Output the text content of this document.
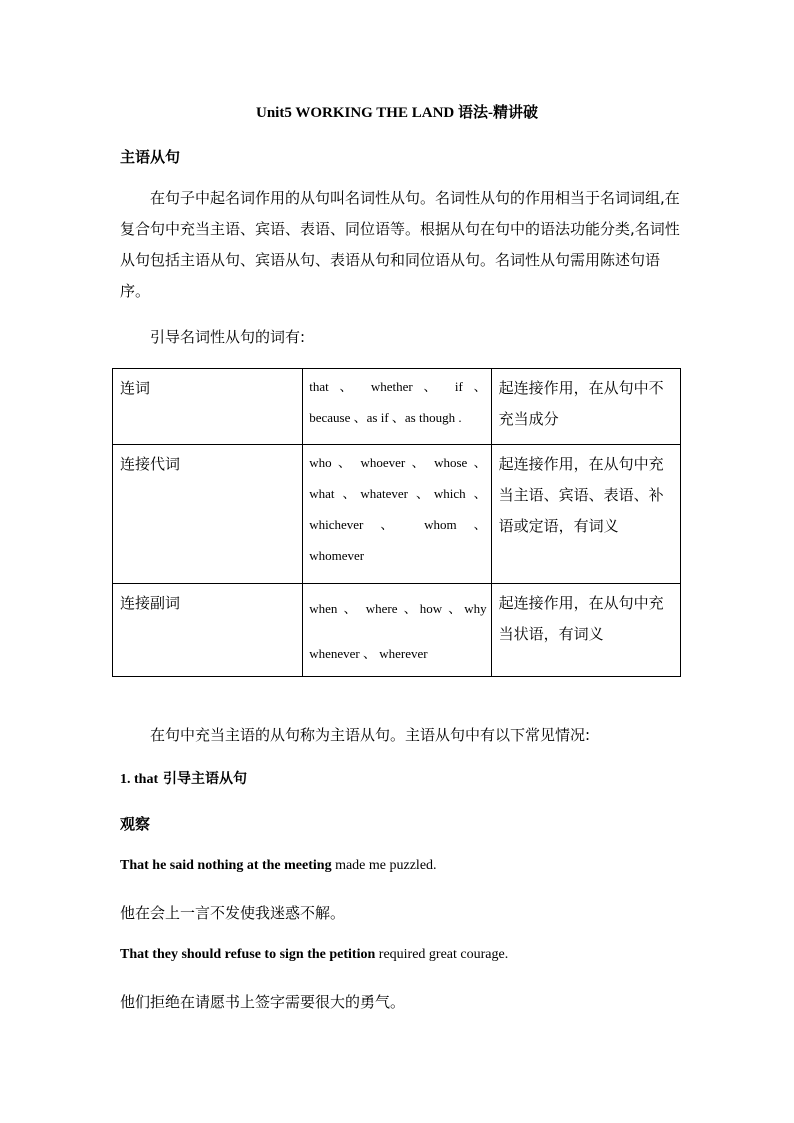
Unit5 WORKING THE LAND 语法-精讲破
主语从句
在句子中起名词作用的从句叫名词性从句。名词性从句的作用相当于名词词组,在复合句中充当主语、宾语、表语、同位语等。根据从句在句中的语法功能分类,名词性从句包括主语从句、宾语从句、表语从句和同位语从句。名词性从句需用陈述句语序。
引导名词性从句的词有:
连词	that 、 whether 、 if 、
because 、as if 、as though .	起连接作用，在从句中不充当成分

连接代词	who 、 whoever 、 whose 、
what 、whatever 、which 、
whichever 、 whom 、
whomever	起连接作用，在从句中充当主语、宾语、表语、补语或定语，有词义

连接副词	when 、 where 、how 、why
whenever 、 wherever	起连接作用，在从句中充当状语，有词义
在句中充当主语的从句称为主语从句。主语从句中有以下常见情况:
1. that 引导主语从句
观察
That he said nothing at the meeting made me puzzled.
他在会上一言不发使我迷惑不解。
That they should refuse to sign the petition required great courage.
他们拒绝在请愿书上签字需要很大的勇气。
